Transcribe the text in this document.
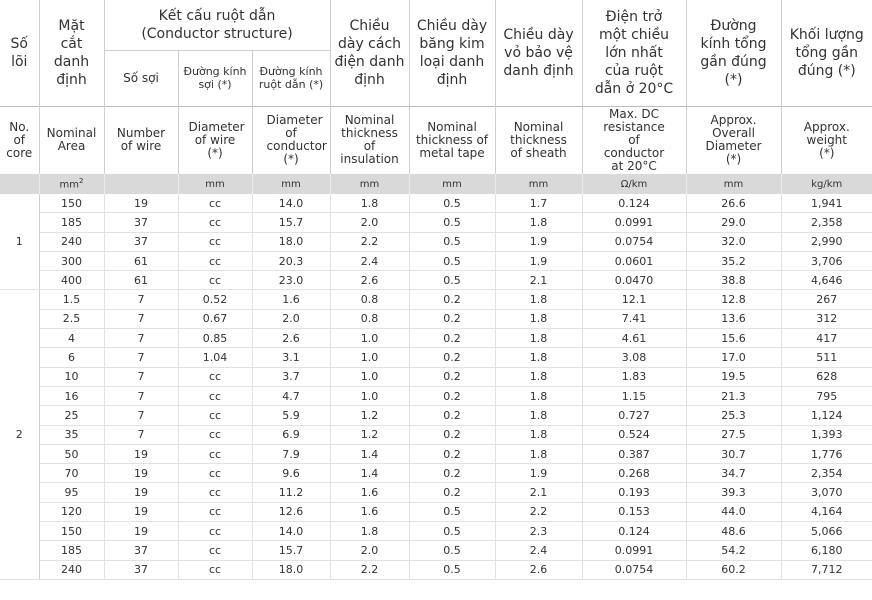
Số lõi	Mặt cắt danh định	Kết cấu ruột dẫn (Conductor structure)			Chiều dày cách điện danh định	Chiều dày băng kim loại danh định	Chiều dày vỏ bảo vệ danh định	Điện trở một chiều lớn nhất của ruột dẫn ở 20°C	Đường kính tổng gần đúng (*)	Khối lượng tổng gần đúng (*)
		Số sợi	Đường kính sợi (*)	Đường kính ruột dẫn (*)						
No. of core	Nominal Area	Number of wire	Diameter of wire (*)	Diameter of conductor (*)	Nominal thickness of insulation	Nominal thickness of metal tape	Nominal thickness of sheath	Max. DC resistance of conductor at 20°C	Approx. Overall Diameter (*)	Approx. weight (*)
	$mm^2$		mm	mm	mm	mm	mm	Ω/km	mm	kg/km
1	150	19	cc	14.0	1.8	0.5	1.7	0.124	26.6	1,941
	185	37	cc	15.7	2.0	0.5	1.8	0.0991	29.0	2,358
	240	37	cc	18.0	2.2	0.5	1.9	0.0754	32.0	2,990
	300	61	cc	20.3	2.4	0.5	1.9	0.0601	35.2	3,706
	400	61	cc	23.0	2.6	0.5	2.1	0.0470	38.8	4,646
2	1.5	7	0.52	1.6	0.8	0.2	1.8	12.1	12.8	267
	2.5	7	0.67	2.0	0.8	0.2	1.8	7.41	13.6	312
	4	7	0.85	2.6	1.0	0.2	1.8	4.61	15.6	417
	6	7	1.04	3.1	1.0	0.2	1.8	3.08	17.0	511
	10	7	cc	3.7	1.0	0.2	1.8	1.83	19.5	628
	16	7	cc	4.7	1.0	0.2	1.8	1.15	21.3	795
	25	7	cc	5.9	1.2	0.2	1.8	0.727	25.3	1,124
	35	7	cc	6.9	1.2	0.2	1.8	0.524	27.5	1,393
	50	19	cc	7.9	1.4	0.2	1.8	0.387	30.7	1,776
	70	19	cc	9.6	1.4	0.2	1.9	0.268	34.7	2,354
	95	19	cc	11.2	1.6	0.2	2.1	0.193	39.3	3,070
	120	19	cc	12.6	1.6	0.5	2.2	0.153	44.0	4,164
	150	19	cc	14.0	1.8	0.5	2.3	0.124	48.6	5,066
	185	37	cc	15.7	2.0	0.5	2.4	0.0991	54.2	6,180
	240	37	cc	18.0	2.2	0.5	2.6	0.0754	60.2	7,712
